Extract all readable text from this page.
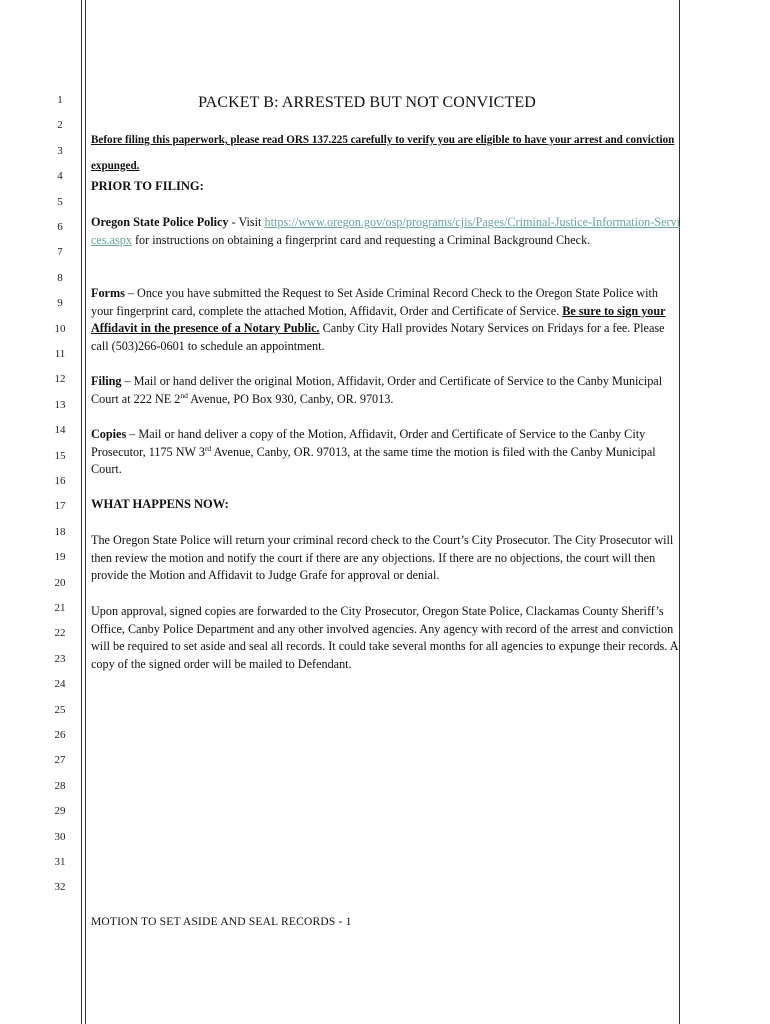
1
2
3
4
5
6
7
8
9
10
11
12
13
14
15
16
17
18
19
20
21
22
23
24
25
26
27
28
29
30
31
32
PACKET B: ARRESTED BUT NOT CONVICTED
Before filing this paperwork, please read ORS 137.225 carefully to verify you are eligible to have your arrest and conviction expunged.
PRIOR TO FILING:
Oregon State Police Policy - Visit https://www.oregon.gov/osp/programs/cjis/Pages/Criminal-Justice-Information-Services.aspx for instructions on obtaining a fingerprint card and requesting a Criminal Background Check.
Forms – Once you have submitted the Request to Set Aside Criminal Record Check to the Oregon State Police with your fingerprint card, complete the attached Motion, Affidavit, Order and Certificate of Service. Be sure to sign your Affidavit in the presence of a Notary Public. Canby City Hall provides Notary Services on Fridays for a fee. Please call (503)266-0601 to schedule an appointment.
Filing – Mail or hand deliver the original Motion, Affidavit, Order and Certificate of Service to the Canby Municipal Court at 222 NE 2nd Avenue, PO Box 930, Canby, OR. 97013.
Copies – Mail or hand deliver a copy of the Motion, Affidavit, Order and Certificate of Service to the Canby City Prosecutor, 1175 NW 3rd Avenue, Canby, OR. 97013, at the same time the motion is filed with the Canby Municipal Court.
WHAT HAPPENS NOW:
The Oregon State Police will return your criminal record check to the Court’s City Prosecutor. The City Prosecutor will then review the motion and notify the court if there are any objections. If there are no objections, the court will then provide the Motion and Affidavit to Judge Grafe for approval or denial.
Upon approval, signed copies are forwarded to the City Prosecutor, Oregon State Police, Clackamas County Sheriff’s Office, Canby Police Department and any other involved agencies. Any agency with record of the arrest and conviction will be required to set aside and seal all records. It could take several months for all agencies to expunge their records. A copy of the signed order will be mailed to Defendant.
MOTION TO SET ASIDE AND SEAL RECORDS - 1
